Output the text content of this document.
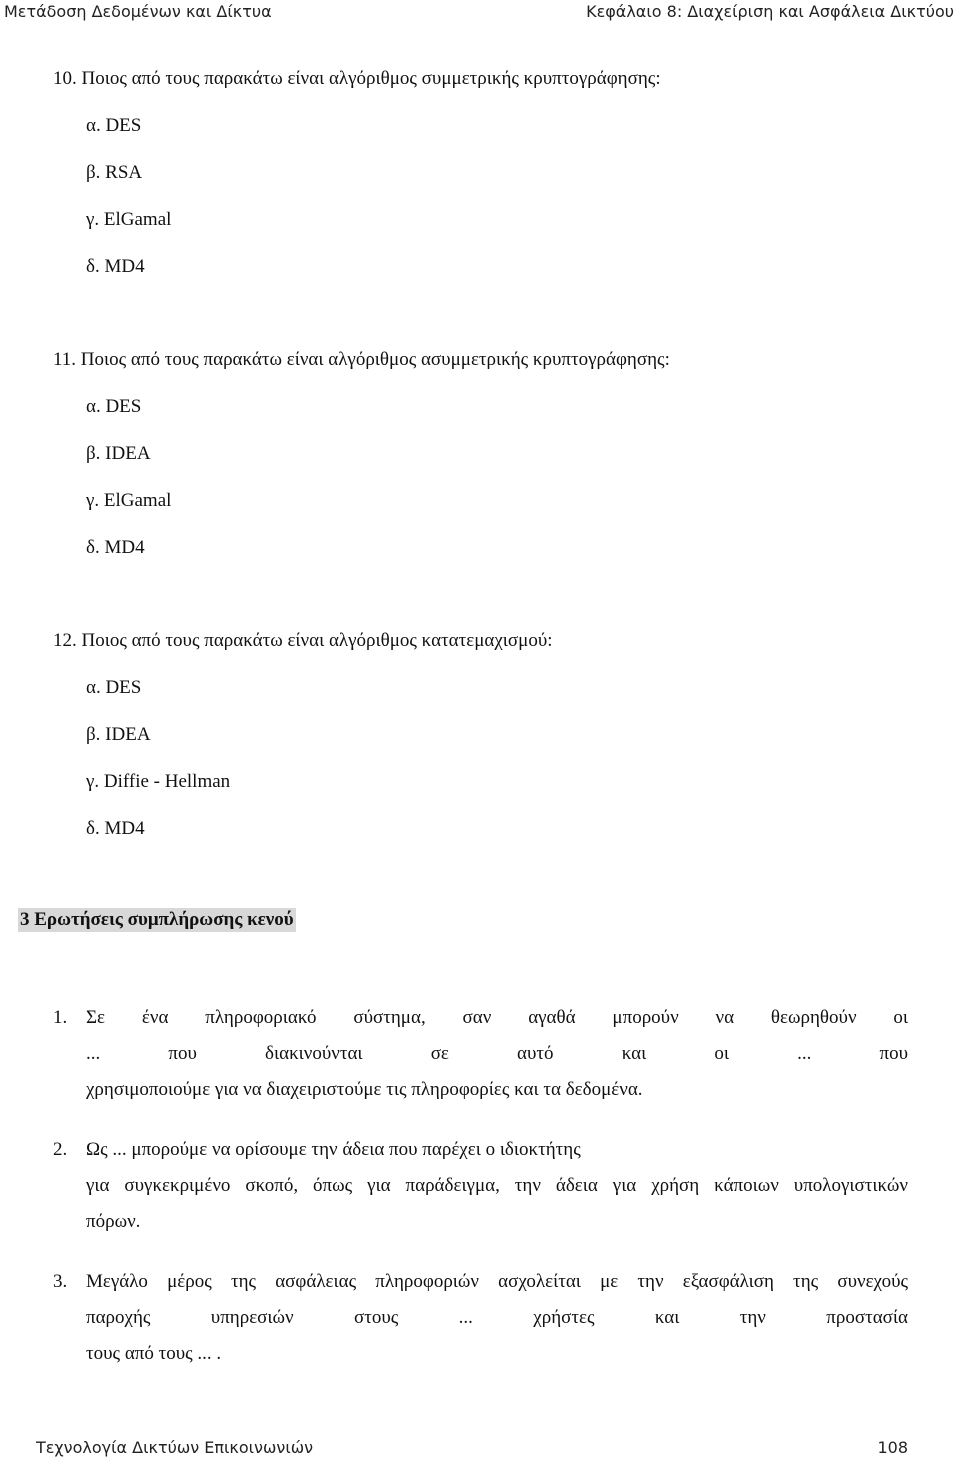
Μετάδοση Δεδομένων και Δίκτυα	Κεφάλαιο 8: Διαχείριση και Ασφάλεια Δικτύου
10. Ποιος από τους παρακάτω είναι αλγόριθμος συμμετρικής κρυπτογράφησης:
α. DES
β. RSA
γ. ElGamal
δ. MD4
11. Ποιος από τους παρακάτω είναι αλγόριθμος ασυμμετρικής κρυπτογράφησης:
α. DES
β. IDEA
γ. ElGamal
δ. MD4
12. Ποιος από τους παρακάτω είναι αλγόριθμος κατατεμαχισμού:
α. DES
β. IDEA
γ. Diffie - Hellman
δ. MD4
3 Ερωτήσεις συμπλήρωσης κενού
1. Σε ένα πληροφοριακό σύστημα, σαν αγαθά μπορούν να θεωρηθούν οι
... που διακινούνται σε αυτό και οι ... που
χρησιμοποιούμε για να διαχειριστούμε τις πληροφορίες και τα δεδομένα.
2. Ως ... μπορούμε να ορίσουμε την άδεια που παρέχει ο ιδιοκτήτης
για συγκεκριμένο σκοπό, όπως για παράδειγμα, την άδεια για χρήση κάποιων υπολογιστικών
πόρων.
3. Μεγάλο μέρος της ασφάλειας πληροφοριών ασχολείται με την εξασφάλιση της συνεχούς
παροχής υπηρεσιών στους ... χρήστες και την προστασία
τους από τους ... .
Τεχνολογία Δικτύων Επικοινωνιών	108
